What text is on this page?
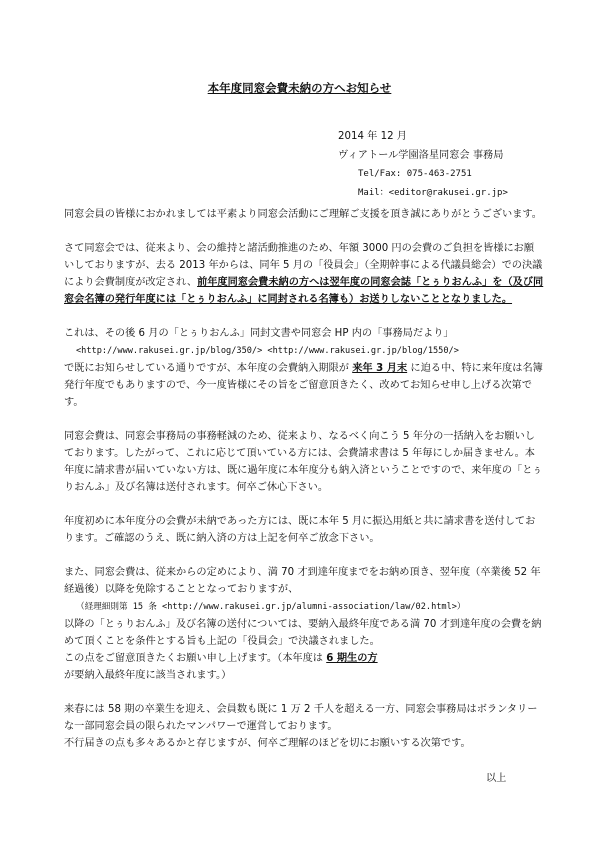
本年度同窓会費未納の方へお知らせ
2014 年 12 月
ヴィアトール学園洛星同窓会 事務局
Tel/Fax: 075-463-2751
Mail：<editor@rakusei.gr.jp>

同窓会員の皆様におかれましては平素より同窓会活動にご理解ご支援を頂き誠にありがとうございます。

さて同窓会では、従来より、会の維持と諸活動推進のため、年額 3000 円の会費のご負担を皆様にお願いしておりますが、去る 2013 年からは、同年 5 月の「役員会」（全期幹事による代議員総会）での決議により会費制度が改定され、前年度同窓会費未納の方へは翌年度の同窓会誌「とぅりおんふ」を（及び同窓会名簿の発行年度には「とぅりおんふ」に同封される名簿も）お送りしないこととなりました。

これは、その後 6 月の「とぅりおんふ」同封文書や同窓会 HP 内の「事務局だより」
<http://www.rakusei.gr.jp/blog/350/> <http://www.rakusei.gr.jp/blog/1550/>
で既にお知らせしている通りですが、本年度の会費納入期限が 来年 3 月末 に迫る中、特に来年度は名簿発行年度でもありますので、今一度皆様にその旨をご留意頂きたく、改めてお知らせ申し上げる次第です。

同窓会費は、同窓会事務局の事務軽減のため、従来より、なるべく向こう 5 年分の一括納入をお願いしております。したがって、これに応じて頂いている方には、会費請求書は 5 年毎にしか届きません。本年度に請求書が届いていない方は、既に過年度に本年度分も納入済ということですので、来年度の「とぅりおんふ」及び名簿は送付されます。何卒ご休心下さい。

年度初めに本年度分の会費が未納であった方には、既に本年 5 月に振込用紙と共に請求書を送付しております。ご確認のうえ、既に納入済の方は上記を何卒ご放念下さい。

また、同窓会費は、従来からの定めにより、満 70 才到達年度までをお納め頂き、翌年度（卒業後 52 年経過後）以降を免除することとなっておりますが、
（経理細則第 15 条 <http://www.rakusei.gr.jp/alumni-association/law/02.html>）
以降の「とぅりおんふ」及び名簿の送付については、要納入最終年度である満 70 才到達年度の会費を納めて頂くことを条件とする旨も上記の「役員会」で決議されました。
この点をご留意頂きたくお願い申し上げます。（本年度は 6 期生の方 が要納入最終年度に該当されます。）

来春には 58 期の卒業生を迎え、会員数も既に 1 万 2 千人を超える一方、同窓会事務局はボランタリーな一部同窓会員の限られたマンパワーで運営しております。

不行届きの点も多々あるかと存じますが、何卒ご理解のほどを切にお願いする次第です。

以上
